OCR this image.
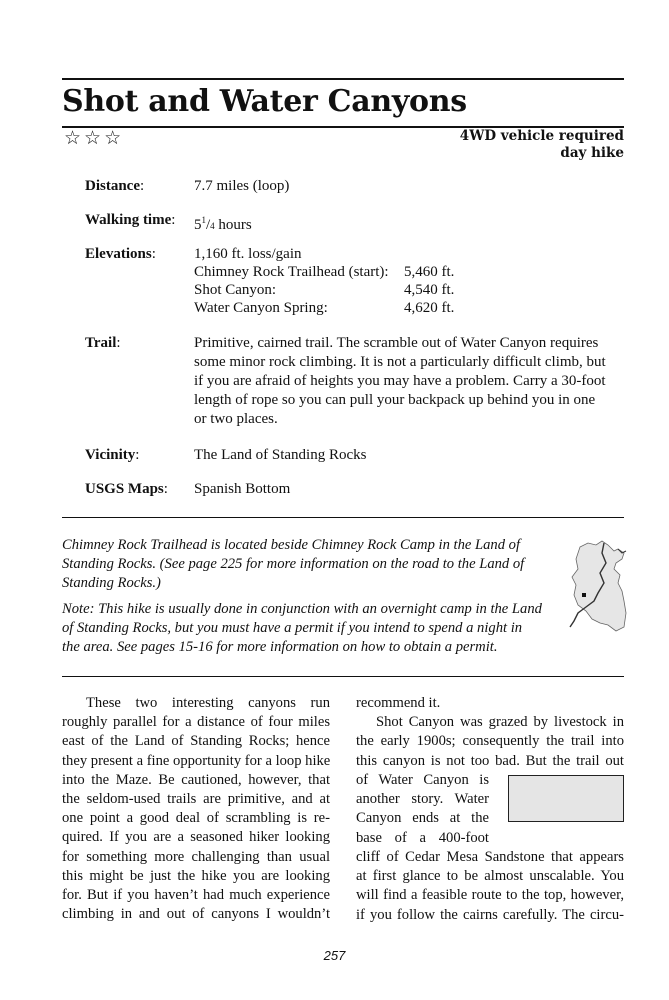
Shot and Water Canyons
☆☆☆	4WD vehicle required
day hike
Distance:	7.7 miles (loop)
Walking time: $5^1/4$ hours
Elevations:	1,160 ft. loss/gain
Chimney Rock Trailhead (start): 5,460 ft.
Shot Canyon:	4,540 ft.
Water Canyon Spring:	4,620 ft.
Trail:	Primitive, cairned trail. The scramble out of Water Canyon requires
some minor rock climbing. It is not a particularly difficult climb, but
if you are afraid of heights you may have a problem. Carry a 30-foot
length of rope so you can pull your backpack up behind you in one
or two places.
Vicinity:	The Land of Standing Rocks
USGS Maps: Spanish Bottom
Chimney Rock Trailhead is located beside Chimney Rock Camp in the Land of
Standing Rocks. (See page 225 for more information on the road to the Land of
Standing Rocks.)
Note: This hike is usually done in conjunction with an overnight camp in the Land
of Standing Rocks, but you must have a permit if you intend to spend a night in
the area. See pages 15-16 for more information on how to obtain a permit.
These two interesting canyons run
roughly parallel for a distance of four miles
east of the Land of Standing Rocks; hence
they present a fine opportunity for a loop hike
into the Maze. Be cautioned, however, that
the seldom-used trails are primitive, and at
one point a good deal of scrambling is re-
quired. If you are a seasoned hiker looking
for something more challenging than usual
this might be just the hike you are looking
for. But if you haven’t had much experience
climbing in and out of canyons I wouldn’t
recommend it.
Shot Canyon was grazed by livestock in
the early 1900s; consequently the trail into
this canyon is not too bad. But the trail out
of Water Canyon is
another story. Water
Canyon ends at the
base of a 400-foot
cliff of Cedar Mesa Sandstone that appears
at first glance to be almost unscalable. You
will find a feasible route to the top, however,
if you follow the cairns carefully. The circu-
257
